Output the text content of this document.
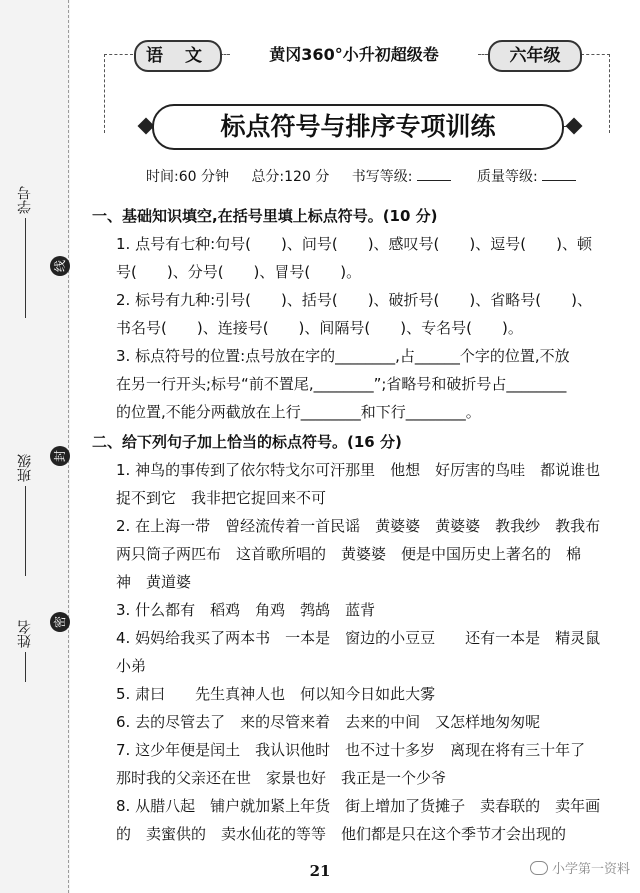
学号
班级
姓名
线
封
密
语 文	黄冈360°小升初超级卷	六年级
标点符号与排序专项训练
时间:60 分钟 总分:120 分 书写等级:	质量等级:
一、基础知识填空,在括号里填上标点符号。(10 分)
1. 点号有七种:句号(　　)、问号(　　)、感叹号(　　)、逗号(　　)、顿
号(　　)、分号(　　)、冒号(　　)。
2. 标号有九种:引号(　　)、括号(　　)、破折号(　　)、省略号(　　)、
书名号(　　)、连接号(　　)、间隔号(　　)、专名号(　　)。
3. 标点符号的位置:点号放在字的________,占______个字的位置,不放
在另一行开头;标号“前不置尾,________”;省略号和破折号占________
的位置,不能分两截放在上行________和下行________。
二、给下列句子加上恰当的标点符号。(16 分)
1. 神鸟的事传到了依尔特戈尔可汗那里　他想　好厉害的鸟哇　都说谁也
捉不到它　我非把它捉回来不可
2. 在上海一带　曾经流传着一首民谣　黄婆婆　黄婆婆　教我纱　教我布
两只筒子两匹布　这首歌所唱的　黄婆婆　便是中国历史上著名的　棉
神　黄道婆
3. 什么都有　稻鸡　角鸡　鹁鸪　蓝背
4. 妈妈给我买了两本书　一本是　窗边的小豆豆　　还有一本是　精灵鼠
小弟
5. 肃曰　　先生真神人也　何以知今日如此大雾
6. 去的尽管去了　来的尽管来着　去来的中间　又怎样地匆匆呢
7. 这少年便是闰土　我认识他时　也不过十多岁　离现在将有三十年了
那时我的父亲还在世　家景也好　我正是一个少爷
8. 从腊八起　铺户就加紧上年货　街上增加了货摊子　卖春联的　卖年画
的　卖蜜供的　卖水仙花的等等　他们都是只在这个季节才会出现的
21	小学第一资料
